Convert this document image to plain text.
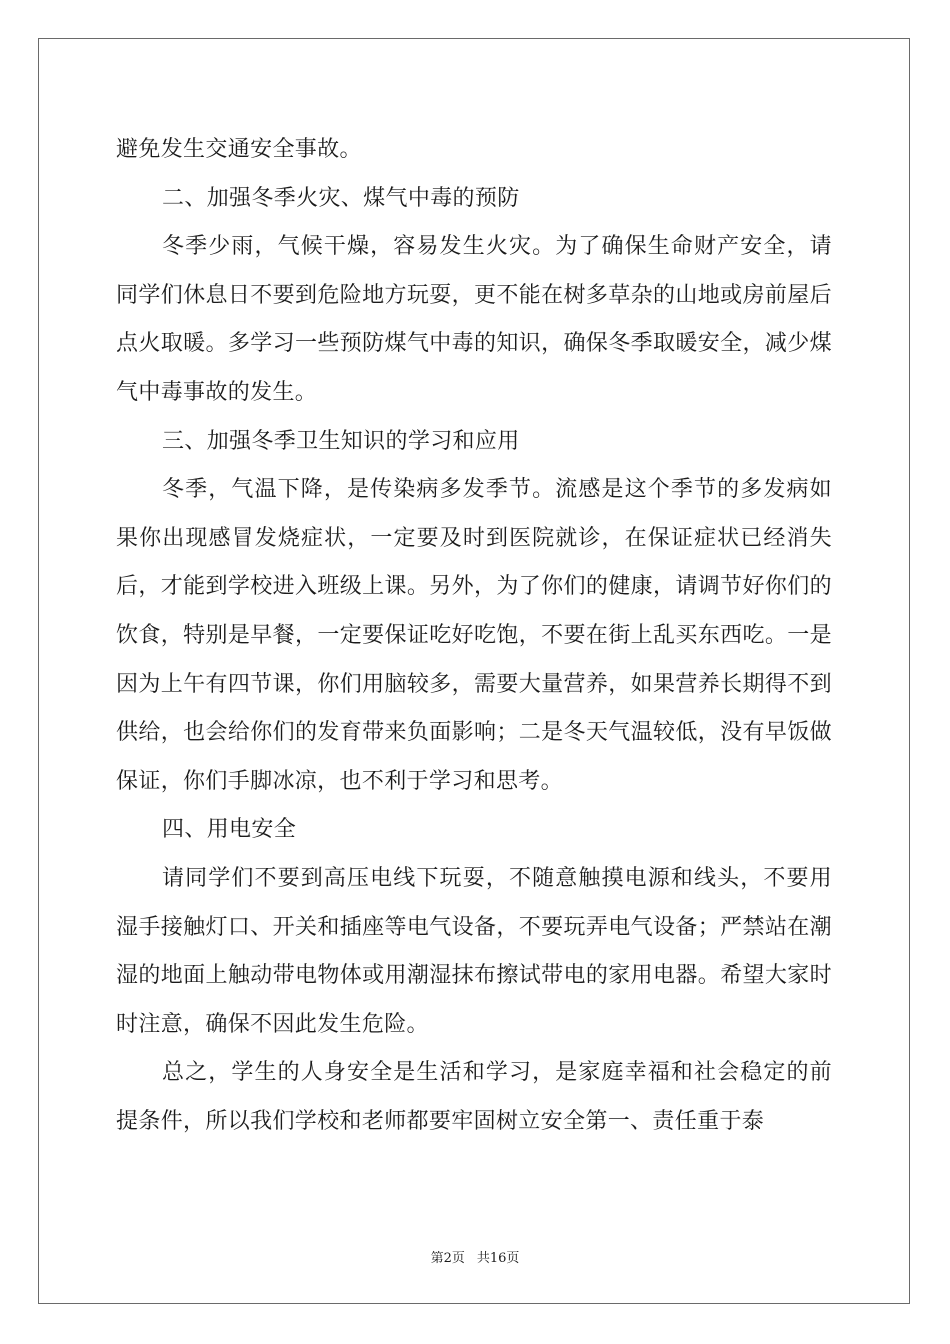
避免发生交通安全事故。

二、加强冬季火灾、煤气中毒的预防

冬季少雨，气候干燥，容易发生火灾。为了确保生命财产安全，请同学们休息日不要到危险地方玩耍，更不能在树多草杂的山地或房前屋后点火取暖。多学习一些预防煤气中毒的知识，确保冬季取暖安全，减少煤气中毒事故的发生。

三、加强冬季卫生知识的学习和应用

冬季，气温下降，是传染病多发季节。流感是这个季节的多发病如果你出现感冒发烧症状，一定要及时到医院就诊，在保证症状已经消失后，才能到学校进入班级上课。另外，为了你们的健康，请调节好你们的饮食，特别是早餐，一定要保证吃好吃饱，不要在街上乱买东西吃。一是因为上午有四节课，你们用脑较多，需要大量营养，如果营养长期得不到供给，也会给你们的发育带来负面影响；二是冬天气温较低，没有早饭做保证，你们手脚冰凉，也不利于学习和思考。

四、用电安全

请同学们不要到高压电线下玩耍，不随意触摸电源和线头，不要用湿手接触灯口、开关和插座等电气设备，不要玩弄电气设备；严禁站在潮湿的地面上触动带电物体或用潮湿抹布擦试带电的家用电器。希望大家时时注意，确保不因此发生危险。

总之，学生的人身安全是生活和学习，是家庭幸福和社会稳定的前提条件，所以我们学校和老师都要牢固树立安全第一、责任重于泰

第2页 共16页
